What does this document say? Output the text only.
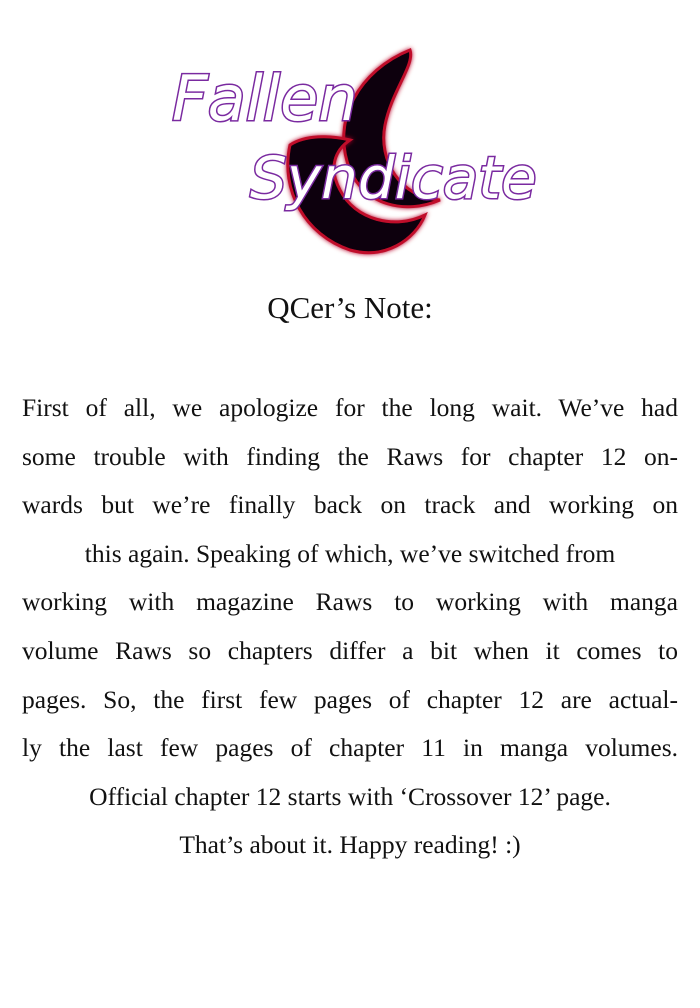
Fallen
Syndicate
QCer’s Note:
First of all, we apologize for the long wait. We’ve had
some trouble with finding the Raws for chapter 12 on-
wards but we’re finally back on track and working on
this again. Speaking of which, we’ve switched from
working with magazine Raws to working with manga
volume Raws so chapters differ a bit when it comes to
pages. So, the first few pages of chapter 12 are actual-
ly the last few pages of chapter 11 in manga volumes.
Official chapter 12 starts with ‘Crossover 12’ page.
That’s about it. Happy reading! :)
